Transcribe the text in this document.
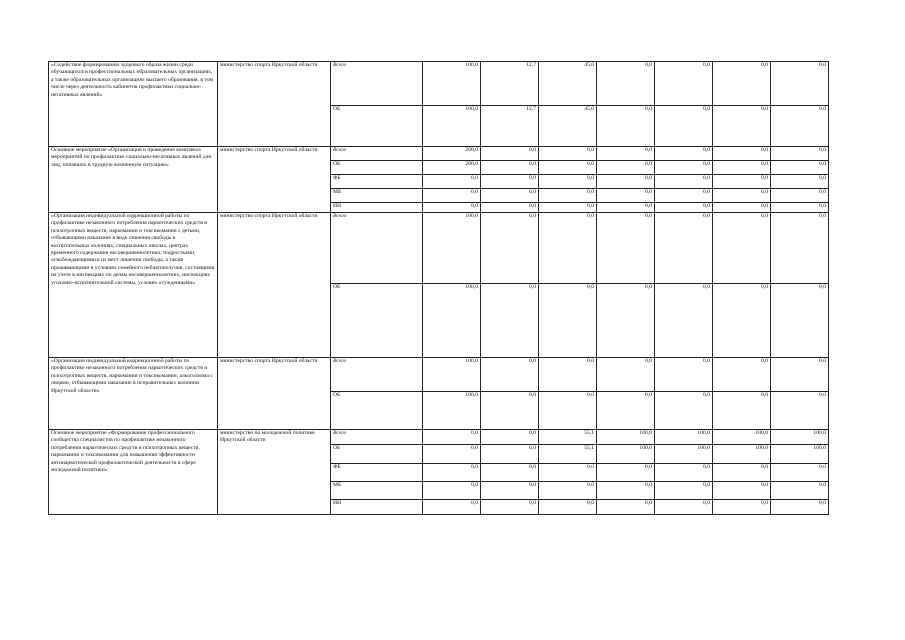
«Содействие формированию здорового образа жизни среди обучающихся в профессиональных образовательных организациях, а также образовательных организациях высшего образования, в том числе через деятельность кабинетов профилактики социально-негативных явлений»	министерство спорта Иркутской области	Всего	100,0	12,7	45,0	0,0	0,0	0,0	0,0
		ОБ	100,0	12,7	45,0	0,0	0,0	0,0	0,0
Основное мероприятие «Организация и проведение комплекса мероприятий по профилактике социально-негативных явлений для лиц, попавших в трудную жизненную ситуацию»	министерство спорта Иркутской области	Всего	200,0	0,0	0,0	0,0	0,0	0,0	0,0
		ОБ	200,0	0,0	0,0	0,0	0,0	0,0	0,0
		ФБ	0,0	0,0	0,0	0,0	0,0	0,0	0,0
		МБ	0,0	0,0	0,0	0,0	0,0	0,0	0,0
		ИИ	0,0	0,0	0,0	0,0	0,0	0,0	0,0
«Организация индивидуальной коррекционной работы по профилактике незаконного потребления наркотических средств и психотропных веществ, наркомании и токсикомании с детьми, отбывающими наказание в виде лишения свободы в воспитательных колониях, специальных школах, центрах временного содержания несовершеннолетних, подростками, освобождающимися из мест лишения свободы, а также проживающими в условиях семейного неблагополучия, состоящими на учете в инспекциях по делам несовершеннолетних, инспекциях уголовно-исполнительной системы, условно осужденными»	министерство спорта Иркутской области	Всего	100,0	0,0	0,0	0,0	0,0	0,0	0,0
		ОБ	100,0	0,0	0,0	0,0	0,0	0,0	0,0
«Организация индивидуальной коррекционной работы по профилактике незаконного потребления наркотических средств и психотропных веществ, наркомании и токсикомании, алкоголизма с лицами, отбывающими наказание в исправительных колониях Иркутской области»	министерство спорта Иркутской области	Всего	100,0	0,0	0,0	0,0	0,0	0,0	0,0
		ОБ	100,0	0,0	0,0	0,0	0,0	0,0	0,0
Основное мероприятие «Формирование профессионального сообщества специалистов по профилактике незаконного потребления наркотических средств и психотропных веществ, наркомании и токсикомании для повышения эффективности антинаркотической профилактической деятельности в сфере молодежной политики»	министерство по молодежной политике Иркутской области	Всего	0,0	0,0	55,1	100,0	100,0	100,0	100,0
		ОБ	0,0	0,0	55,1	100,0	100,0	100,0	100,0
		ФБ	0,0	0,0	0,0	0,0	0,0	0,0	0,0
		МБ	0,0	0,0	0,0	0,0	0,0	0,0	0,0
		ИИ	0,0	0,0	0,0	0,0	0,0	0,0	0,0
